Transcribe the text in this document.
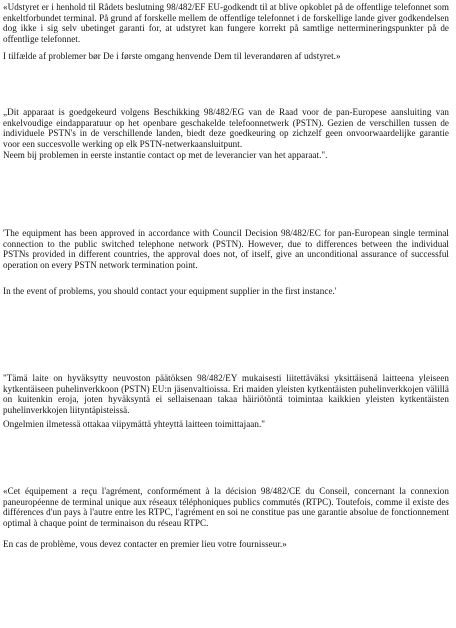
«Udstyret er i henhold til Rådets beslutning 98/482/EF EU-godkendt til at blive opkoblet på de offentlige telefonnet som enkeltforbundet terminal. På grund af forskelle mellem de offentlige telefonnet i de forskellige lande giver godkendelsen dog ikke i sig selv ubetinget garanti for, at udstyret kan fungere korrekt på samtlige nettermineringspunkter på de offentlige telefonnet.

I tilfælde af problemer bør De i første omgang henvende Dem til leverandøren af udstyret.»

„Dit apparaat is goedgekeurd volgens Beschikking 98/482/EG van de Raad voor de pan-Europese aansluiting van enkelvoudige eindapparatuur op het openbare geschakelde telefoonnetwerk (PSTN). Gezien de verschillen tussen de individuele PSTN's in de verschillende landen, biedt deze goedkeuring op zichzelf geen onvoorwaardelijke garantie voor een succesvolle werking op elk PSTN-netwerkaansluitpunt.

Neem bij problemen in eerste instantie contact op met de leverancier van het apparaat.".

'The equipment has been approved in accordance with Council Decision 98/482/EC for pan-European single terminal connection to the public switched telephone network (PSTN). However, due to differences between the individual PSTNs provided in different countries, the approval does not, of itself, give an unconditional assurance of successful operation on every PSTN network termination point.

In the event of problems, you should contact your equipment supplier in the first instance.'

"Tämä laite on hyväksytty neuvoston päätöksen 98/482/EY mukaisesti liitettäväksi yksittäisenä laitteena yleiseen kytkentäiseen puhelinverkkoon (PSTN) EU:n jäsenvaltioissa. Eri maiden yleisten kytkentäisten puhelinverkkojen välillä on kuitenkin eroja, joten hyväksyntä ei sellaisenaan takaa häiriötöntä toimintaa kaikkien yleisten kytkentäisten puhelinverkkojen liityntäpisteissä.

Ongelmien ilmetessä ottakaa viipymättä yhteyttä laitteen toimittajaan."

«Cet équipement a reçu l'agrément, conformément à la décision 98/482/CE du Conseil, concernant la connexion paneuropéenne de terminal unique aux réseaux téléphoniques publics commutés (RTPC). Toutefois, comme il existe des différences d'un pays à l'autre entre les RTPC, l'agrément en soi ne constitue pas une garantie absolue de fonctionnement optimal à chaque point de terminaison du réseau RTPC.

En cas de problème, vous devez contacter en premier lieu votre fournisseur.»
